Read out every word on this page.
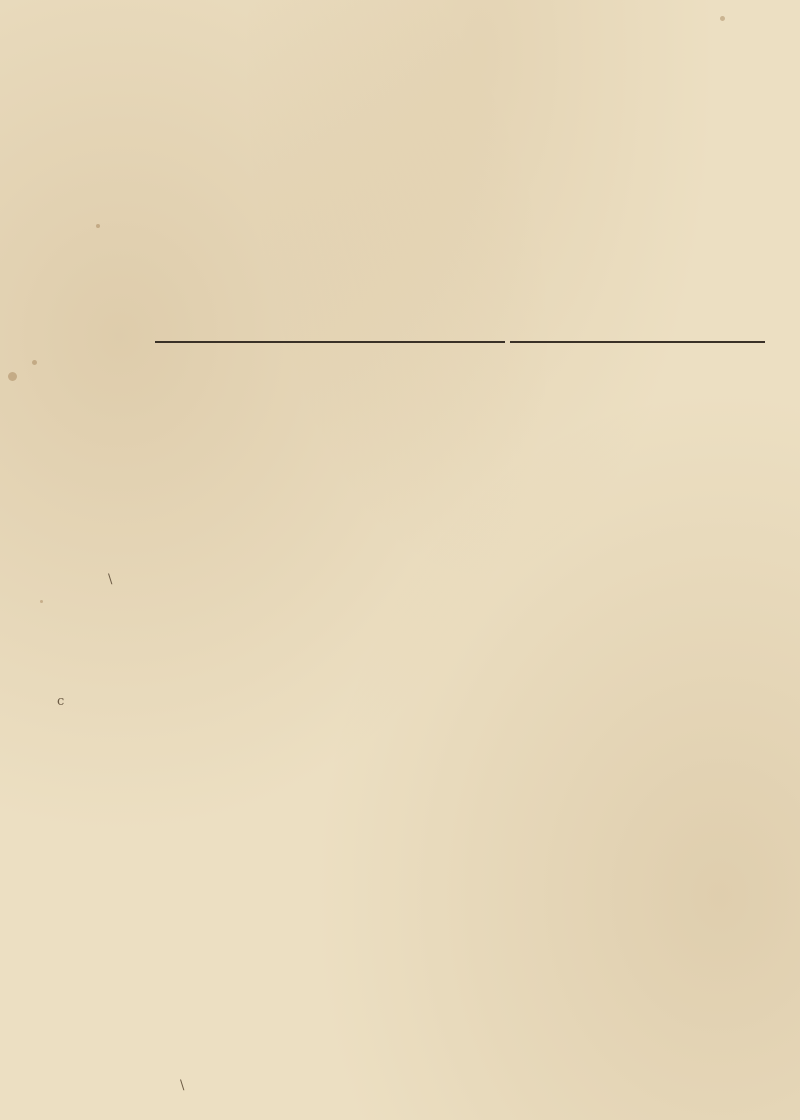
\
c
\
